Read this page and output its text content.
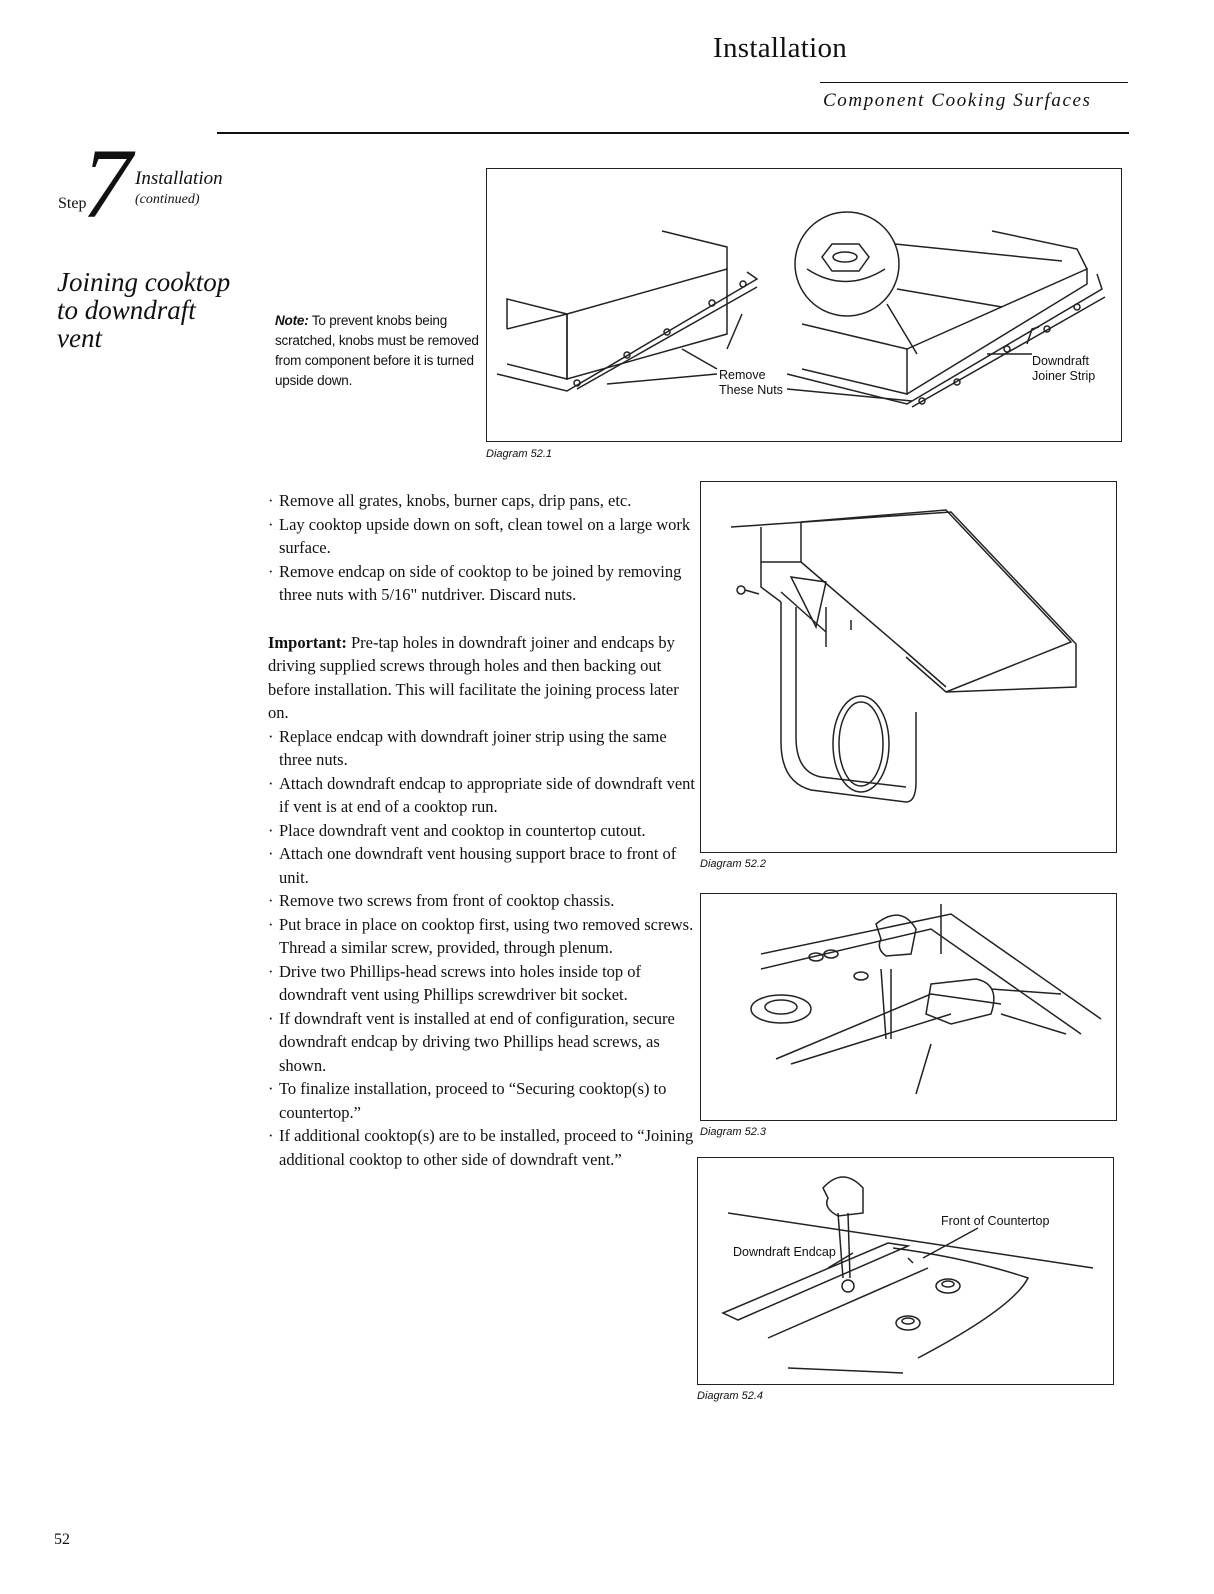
Installation
Component Cooking Surfaces
Step
7 Installation
(continued)
Joining cooktop to downdraft vent
Note: To prevent knobs being scratched, knobs must be removed from component before it is turned upside down.	Remove
These Nuts
Downdraft
Joiner Strip
Diagram 52.1
Diagram 52.2
Diagram 52.3
Front of Countertop
Downdraft Endcap
Diagram 52.4
· Remove all grates, knobs, burner caps, drip pans, etc.
· Lay cooktop upside down on soft, clean towel on a large work surface.
· Remove endcap on side of cooktop to be joined by removing three nuts with 5/16" nutdriver. Discard nuts.
Important: Pre-tap holes in downdraft joiner and endcaps by driving supplied screws through holes and then backing out before installation. This will facilitate the joining process later on.
· Replace endcap with downdraft joiner strip using the same three nuts.
· Attach downdraft endcap to appropriate side of downdraft vent if vent is at end of a cooktop run.
· Place downdraft vent and cooktop in countertop cutout.
· Attach one downdraft vent housing support brace to front of unit.
· Remove two screws from front of cooktop chassis.
· Put brace in place on cooktop first, using two removed screws. Thread a similar screw, provided, through plenum.
· Drive two Phillips-head screws into holes inside top of downdraft vent using Phillips screwdriver bit socket.
· If downdraft vent is installed at end of configuration, secure downdraft endcap by driving two Phillips head screws, as shown.
· To finalize installation, proceed to “Securing cooktop(s) to countertop.”
· If additional cooktop(s) are to be installed, proceed to “Joining additional cooktop to other side of downdraft vent.”
52
